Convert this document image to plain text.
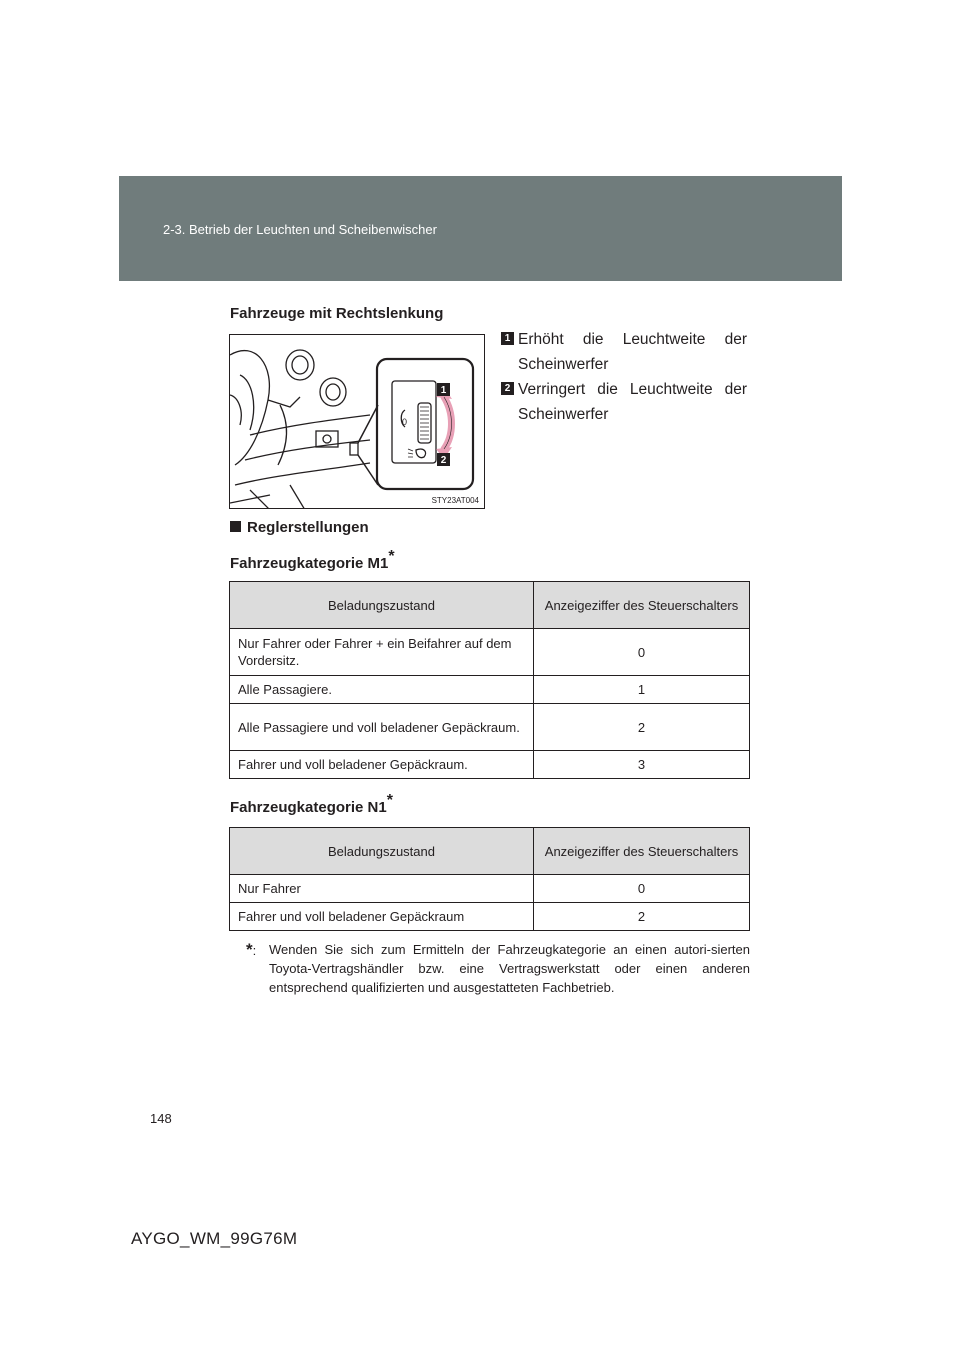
2-3. Betrieb der Leuchten und Scheibenwischer
Fahrzeuge mit Rechtslenkung
0
1
2
STY23AT004
1 Erhöht die Leuchtweite der Scheinwerfer
2 Verringert die Leuchtweite der Scheinwerfer
Reglerstellungen
Fahrzeugkategorie M1*
Beladungszustand	Anzeigeziffer des Steuerschalters
Nur Fahrer oder Fahrer + ein Beifahrer auf dem Vordersitz.	0
Alle Passagiere.	1
Alle Passagiere und voll beladener Gepäckraum.	2
Fahrer und voll beladener Gepäckraum.	3
Fahrzeugkategorie N1*
Beladungszustand	Anzeigeziffer des Steuerschalters
Nur Fahrer	0
Fahrer und voll beladener Gepäckraum	2
*: Wenden Sie sich zum Ermitteln der Fahrzeugkategorie an einen autori-sierten Toyota-Vertragshändler bzw. eine Vertragswerkstatt oder einen anderen entsprechend qualifizierten und ausgestatteten Fachbetrieb.
148
AYGO_WM_99G76M
